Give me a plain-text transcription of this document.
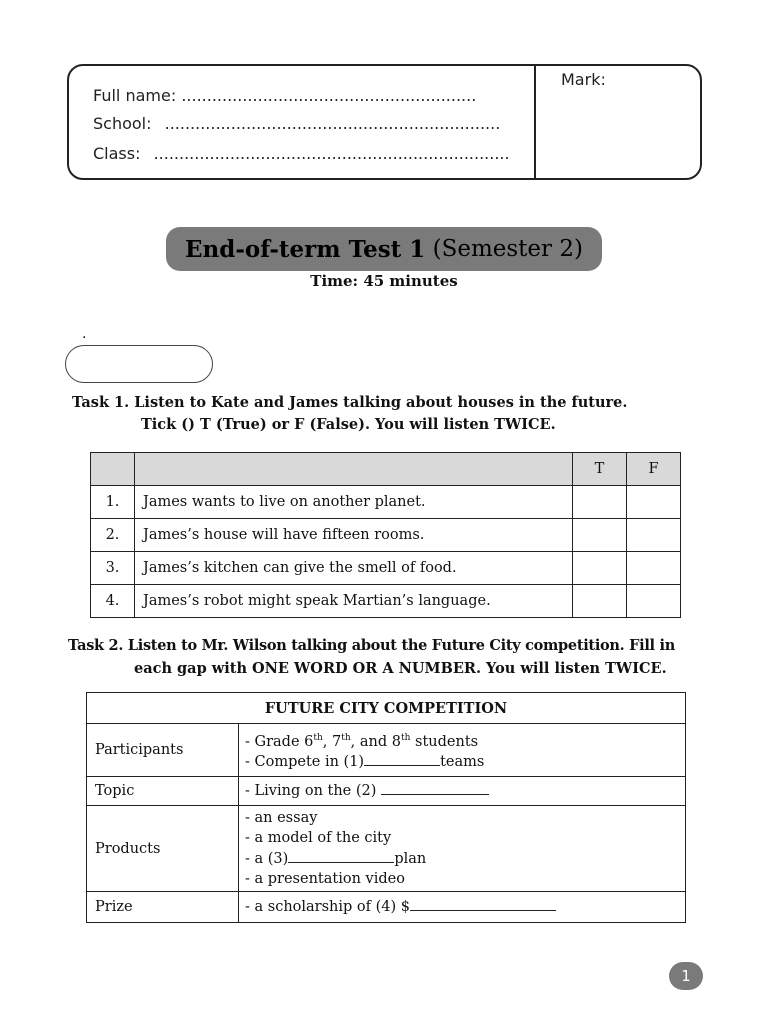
Full name: ..........................................................
School: ..................................................................
Class: ......................................................................
Mark:
End-of-term Test 1
(Semester 2)
Time: 45 minutes
.
Task 1. Listen to Kate and James talking about houses in the future.
Tick () T (True) or F (False). You will listen TWICE.
		T	F
1.	James wants to live on another planet.		
2.	James’s house will have fifteen rooms.		
3.	James’s kitchen can give the smell of food.		
4.	James’s robot might speak Martian’s language.		
Task 2. Listen to Mr. Wilson talking about the Future City competition. Fill in
each gap with ONE WORD OR A NUMBER. You will listen TWICE.
FUTURE CITY COMPETITION	
Participants	- Grade 6th, 7th, and 8th students
- Compete in (1) teams

Topic	- Living on the (2)
Products	- an essay
- a model of the city
- a (3) plan
- a presentation video

Prize	- a scholarship of (4) $
1
